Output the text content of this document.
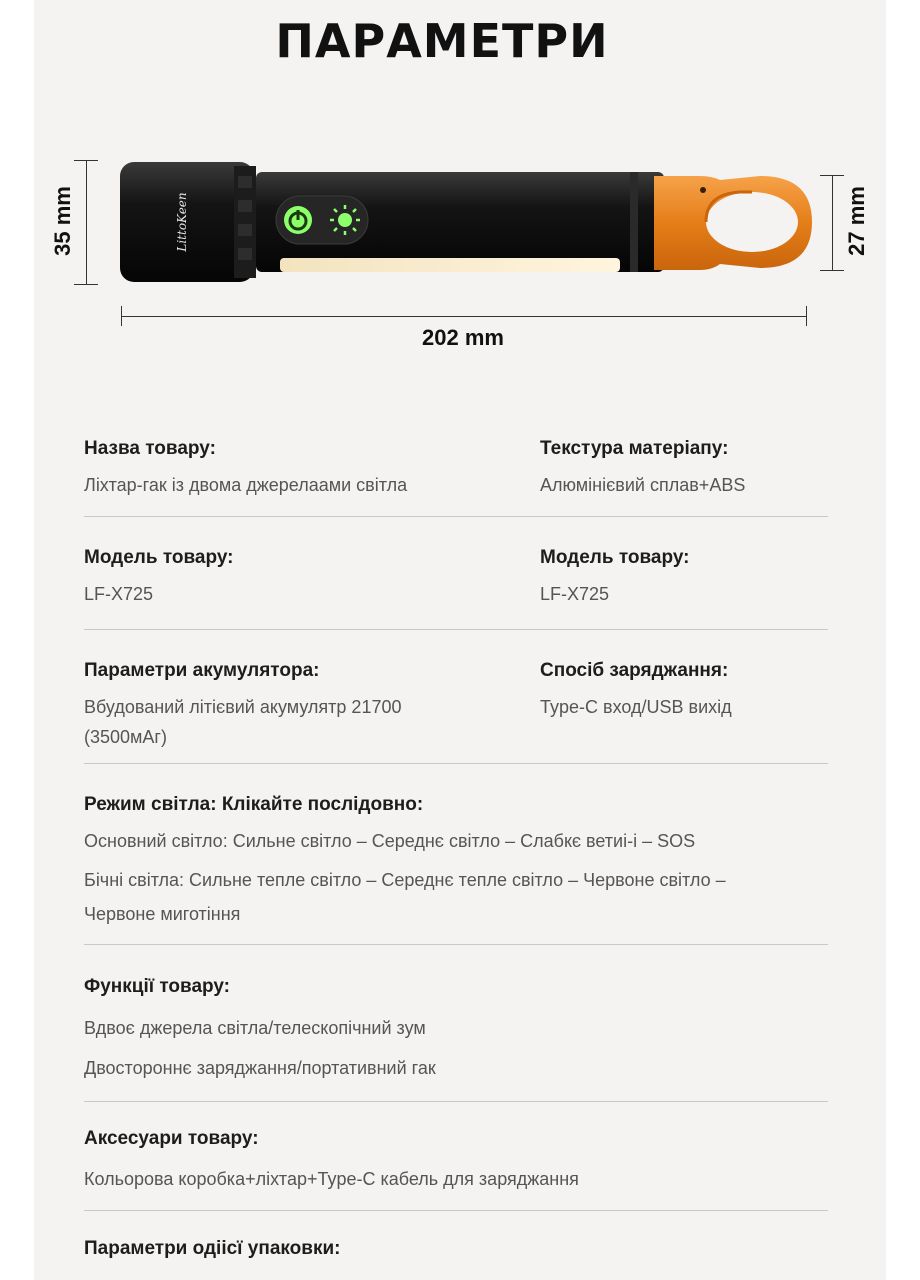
ПАРАМЕТРИ
35 mm	27 mm
202 mm
LittoKeen
Назва товару:
Ліхтар-гак із двома джерелаами світла
Текстура матеріапу:
Алюмінієвий сплав+ABS
Модель товару:
LF-X725
Модель товару:
LF-X725
Параметри акумулятора:
Вбудований літієвий акумулятр 21700
(3500мАг)
Спосіб заряджання:
Type-C вход/USB вихід
Режим світла: Клікайте послідовно:
Основний світло: Сильне світло – Середнє світло – Слабкє ветиі-і – SOS
Бічні світла: Сильне тепле світло – Середнє тепле світло – Червоне світло –
Червоне миготіння
Функції товару:
Вдвоє джерела світла/телескопічний зум
Двостороннє заряджання/портативний гак
Аксесуари товару:
Кольорова коробка+ліхтар+Type-C кабель для заряджання
Параметри одіісї упаковки:
